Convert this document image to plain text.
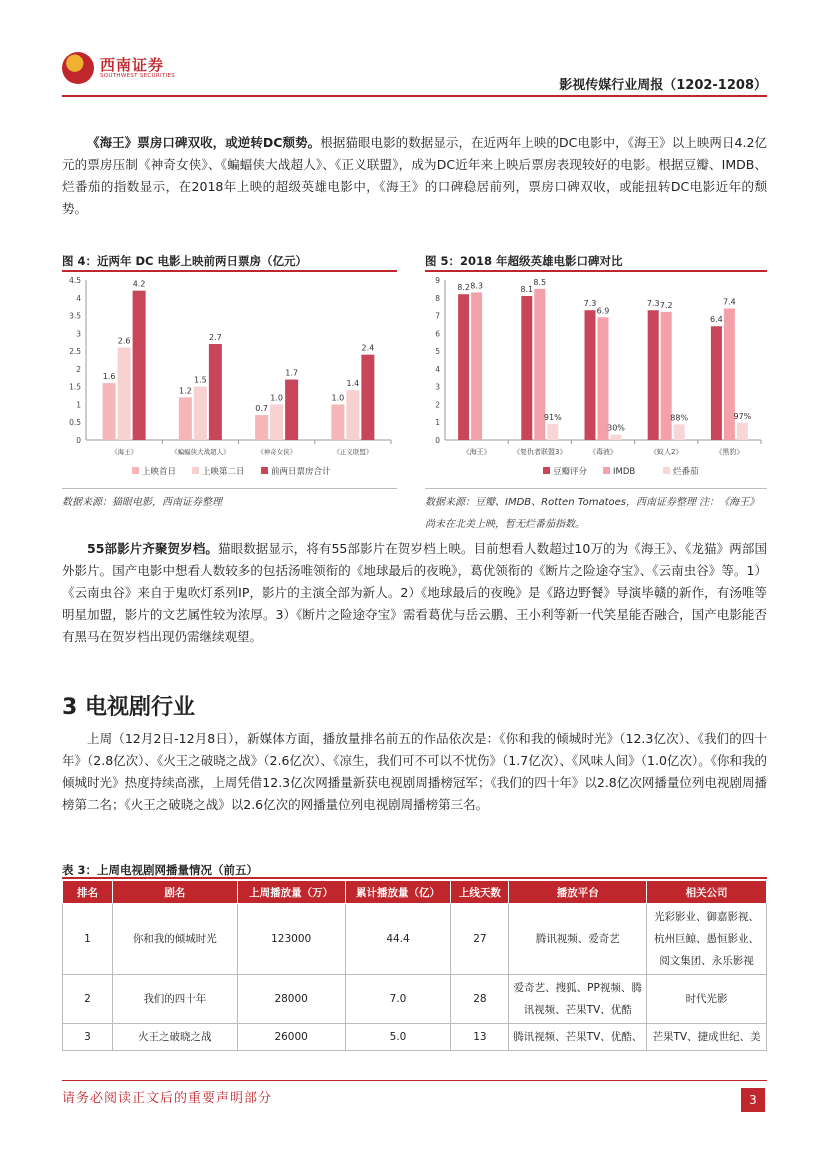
西南证券
SOUTHWEST SECURITIES
影视传媒行业周报（1202-1208）
《海王》票房口碑双收，或逆转DC颓势。根据猫眼电影的数据显示，在近两年上映的DC电影中，《海王》以上映两日4.2亿元的票房压制《神奇女侠》、《蝙蝠侠大战超人》、《正义联盟》，成为DC近年来上映后票房表现较好的电影。根据豆瓣、IMDB、烂番茄的指数显示，在2018年上映的超级英雄电影中，《海王》的口碑稳居前列，票房口碑双收，或能扭转DC电影近年的颓势。
图 4：近两年 DC 电影上映前两日票房（亿元）
0
0.5
1
1.5
2
2.5
3
3.5
4
4.5
1.6
2.6
4.2
《海王》
1.2
1.5
2.7
《蝙蝠侠大战超人》
0.7
1.0
1.7
《神奇女侠》
1.0
1.4
2.4
《正义联盟》
上映首日	上映第二日	前两日票房合计
数据来源：猫眼电影，西南证券整理
图 5：2018 年超级英雄电影口碑对比
0
1
2
3
4
5
6
7
8
9
8.2 8.3
《海王》
8.1
8.5
91%
《复仇者联盟3》
7.3
6.9
30%
《毒液》
7.3 7.2
88%
《蚁人2》
6.4
7.4
97%
《黑豹》
豆瓣评分	IMDB	烂番茄
数据来源：豆瓣、IMDB、Rotten Tomatoes，西南证券整理 注：《海王》
尚未在北美上映，暂无烂番茄指数。
55部影片齐聚贺岁档。猫眼数据显示，将有55部影片在贺岁档上映。目前想看人数超过10万的为《海王》、《龙猫》两部国外影片。国产电影中想看人数较多的包括汤唯领衔的《地球最后的夜晚》，葛优领衔的《断片之险途夺宝》、《云南虫谷》等。1）《云南虫谷》来自于鬼吹灯系列IP，影片的主演全部为新人。2）《地球最后的夜晚》是《路边野餐》导演毕赣的新作，有汤唯等明星加盟，影片的文艺属性较为浓厚。3）《断片之险途夺宝》需看葛优与岳云鹏、王小利等新一代笑星能否融合，国产电影能否有黑马在贺岁档出现仍需继续观望。
3 电视剧行业
上周（12月2日-12月8日），新媒体方面，播放量排名前五的作品依次是：《你和我的倾城时光》（12.3亿次）、《我们的四十年》（2.8亿次）、《火王之破晓之战》（2.6亿次）、《凉生，我们可不可以不忧伤》（1.7亿次）、《风味人间》（1.0亿次）。《你和我的倾城时光》热度持续高涨，上周凭借12.3亿次网播量新获电视剧周播榜冠军；《我们的四十年》以2.8亿次网播量位列电视剧周播榜第二名；《火王之破晓之战》以2.6亿次的网播量位列电视剧周播榜第三名。
表 3：上周电视剧网播量情况（前五）
排名	剧名	上周播放量（万）	累计播放量（亿）	上线天数	播放平台	相关公司
1	你和我的倾城时光	123000	44.4	27	腾讯视频、爱奇艺	光彩影业、御嘉影视、杭州巨鲸、愚恒影业、阅文集团、永乐影视
2	我们的四十年	28000	7.0	28	爱奇艺、搜狐、PP视频、腾讯视频、芒果TV、优酷	时代光影
3	火王之破晓之战	26000	5.0	13	腾讯视频、芒果TV、优酷、	芒果TV、捷成世纪、美
请务必阅读正文后的重要声明部分	3
